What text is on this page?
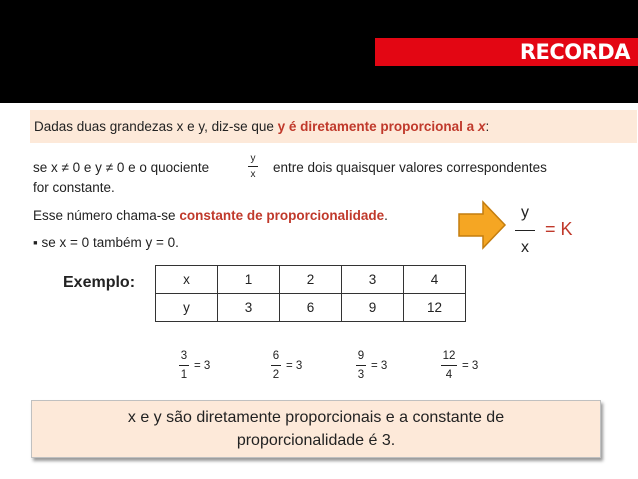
RECORDA
Dadas duas grandezas x e y, diz-se que y é diretamente proporcional a x:
se x ≠ 0 e y ≠ 0 e o quociente
y
x entre dois quaisquer valores correspondentes
for constante.
Esse número chama-se constante de proporcionalidade.
▪ se x = 0 também y = 0.
y
x
= K
Exemplo:	x	1	2	3	4
y	3	6	9	12
$\frac{3}{1} = 3$	$\frac{6}{2} = 3$	$\frac{9}{3} = 3$	$\frac{12}{4} = 3$
x e y são diretamente proporcionais e a constante de
proporcionalidade é 3.
